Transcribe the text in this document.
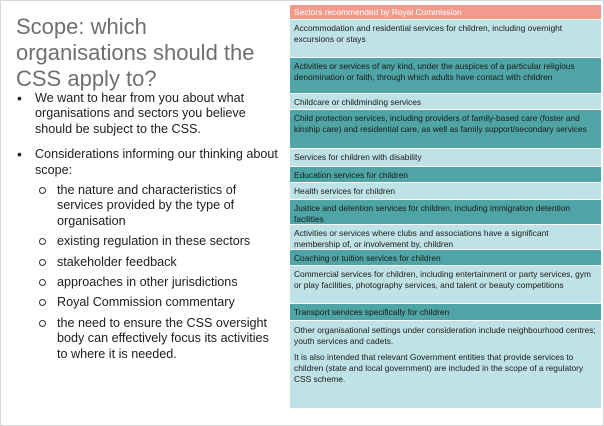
Scope: which organisations should the CSS apply to?
• We want to hear from you about what organisations and sectors you believe should be subject to the CSS.
• Considerations informing our thinking about scope:
the nature and characteristics of services provided by the type of organisation
existing regulation in these sectors
stakeholder feedback
approaches in other jurisdictions
Royal Commission commentary
the need to ensure the CSS oversight body can effectively focus its activities to where it is needed.
Sectors recommended by Royal Commission
Accommodation and residential services for children, including overnight excursions or stays
Activities or services of any kind, under the auspices of a particular religious denomination or faith, through which adults have contact with children
Childcare or childminding services
Child protection services, including providers of family-based care (foster and kinship care) and residential care, as well as family support/secondary services
Services for children with disability
Education services for children
Health services for children
Justice and detention services for children, including immigration detention facilities
Activities or services where clubs and associations have a significant membership of, or involvement by, children
Coaching or tuition services for children
Commercial services for children, including entertainment or party services, gym or play facilities, photography services, and talent or beauty competitions
Transport services specifically for children

Other organisational settings under consideration include neighbourhood centres; youth services and cadets.

It is also intended that relevant Government entities that provide services to children (state and local government) are included in the scope of a regulatory CSS scheme.
